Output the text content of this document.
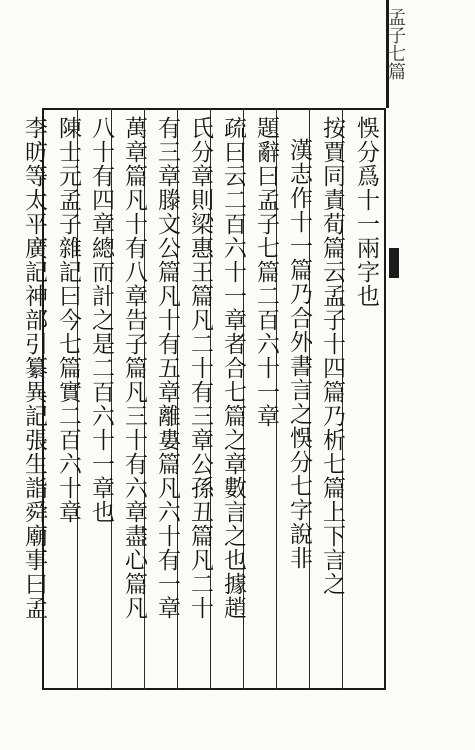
孟子七篇
悞分爲十一兩字也
按賈同責荀篇云孟子十四篇乃析七篇上下言之
漢志作十一篇乃合外書言之悞分七字說非
題辭曰孟子七篇二百六十一章
疏曰云二百六十一章者合七篇之章數言之也據趙
氏分章則梁惠王篇凡二十有三章公孫丑篇凡二十
有三章滕文公篇凡十有五章離婁篇凡六十有一章
萬章篇凡十有八章告子篇凡三十有六章盡心篇凡
八十有四章總而計之是二百六十一章也
陳士元孟子雜記曰今七篇實二百六十章
李昉等太平廣記神部引纂異記張生詣舜廟事曰孟
